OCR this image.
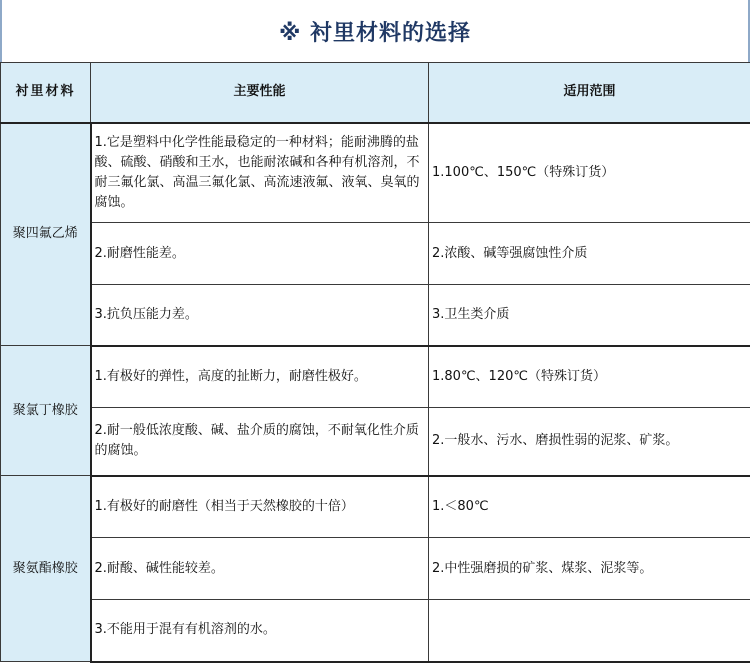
※ 衬里材料的选择
衬里材料	主要性能	适用范围
聚四氟乙烯	1.它是塑料中化学性能最稳定的一种材料；能耐沸腾的盐酸、硫酸、硝酸和王水，也能耐浓碱和各种有机溶剂，不耐三氟化氯、高温三氟化氯、高流速液氟、液氧、臭氧的腐蚀。	1.100℃、150℃（特殊订货）
	2.耐磨性能差。	2.浓酸、碱等强腐蚀性介质
	3.抗负压能力差。	3.卫生类介质
聚氯丁橡胶	1.有极好的弹性，高度的扯断力，耐磨性极好。	1.80℃、120℃（特殊订货）
	2.耐一般低浓度酸、碱、盐介质的腐蚀，不耐氧化性介质的腐蚀。	2.一般水、污水、磨损性弱的泥浆、矿浆。
聚氨酯橡胶	1.有极好的耐磨性（相当于天然橡胶的十倍）	1.＜80℃
	2.耐酸、碱性能较差。	2.中性强磨损的矿浆、煤浆、泥浆等。
	3.不能用于混有有机溶剂的水。	
